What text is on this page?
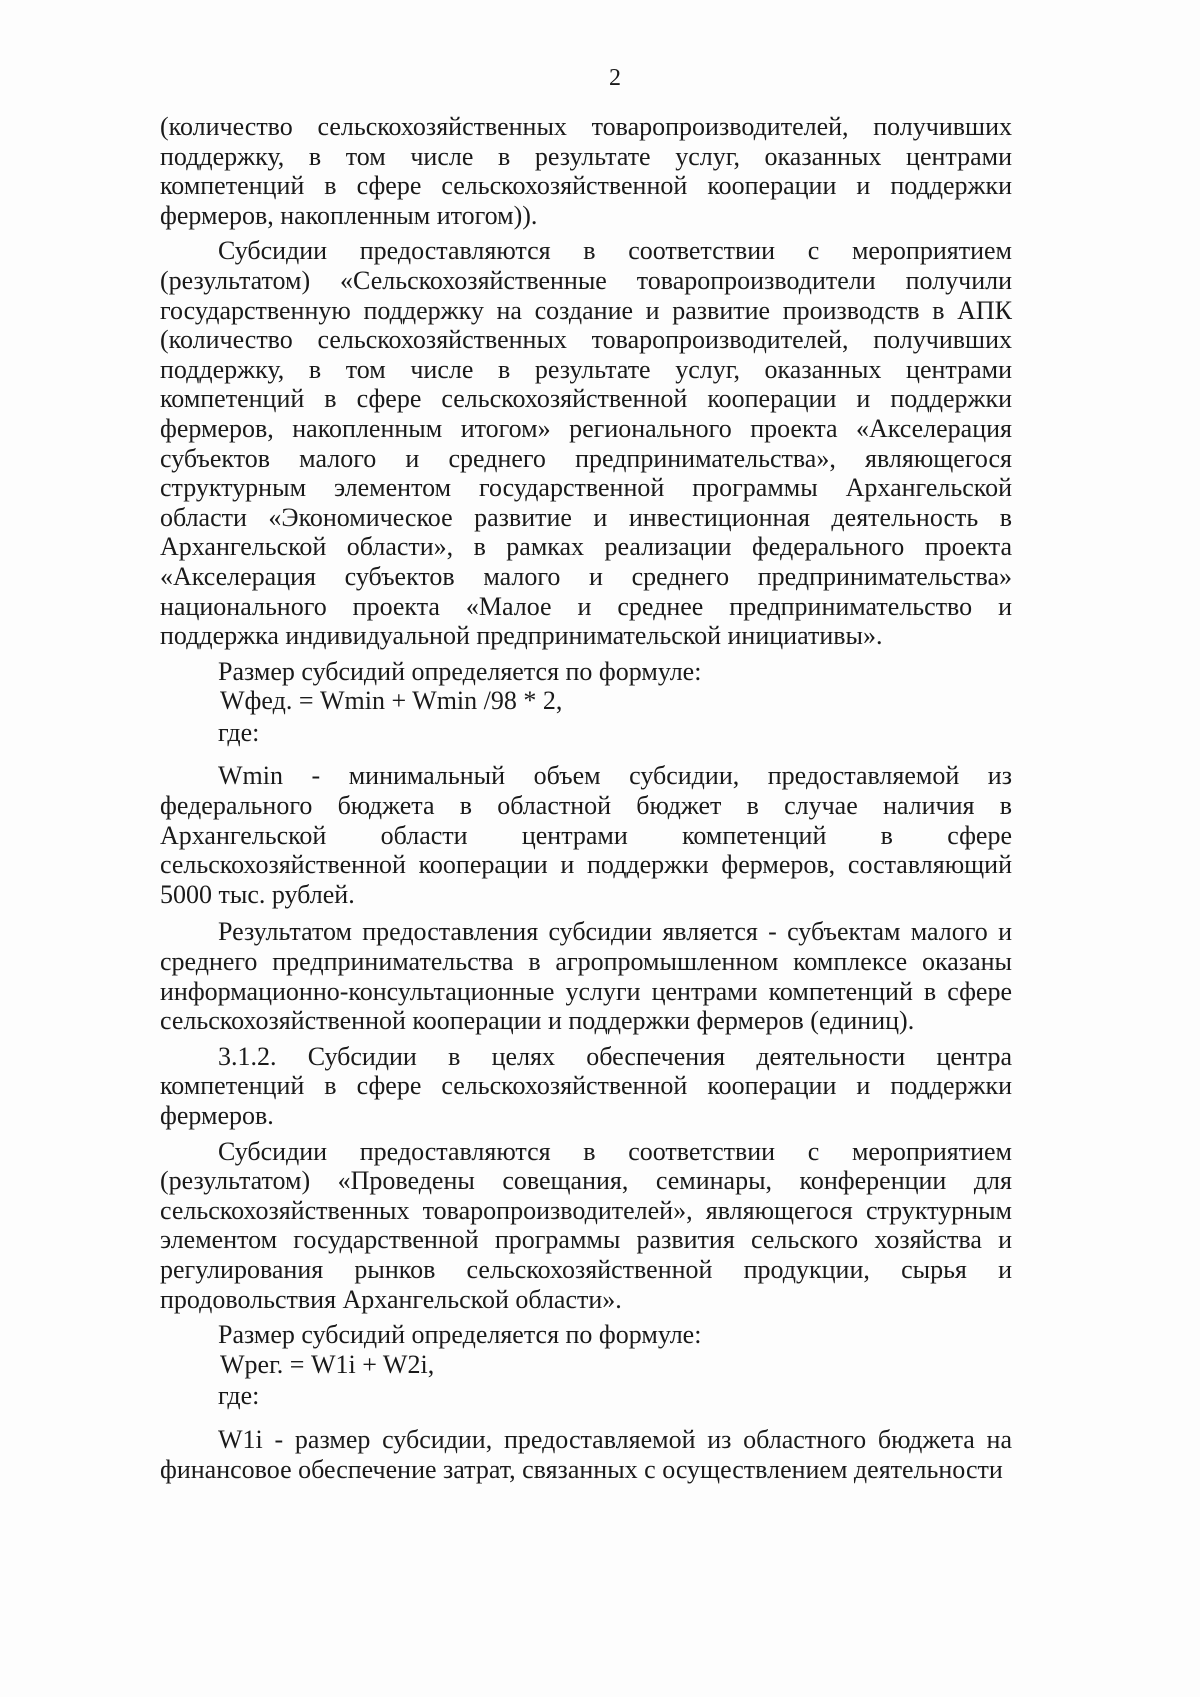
2

(количество сельскохозяйственных товаропроизводителей, получивших поддержку, в том числе в результате услуг, оказанных центрами компетенций в сфере сельскохозяйственной кооперации и поддержки фермеров, накопленным итогом)).

Субсидии предоставляются в соответствии с мероприятием (результатом) «Сельскохозяйственные товаропроизводители получили государственную поддержку на создание и развитие производств в АПК (количество сельскохозяйственных товаропроизводителей, получивших поддержку, в том числе в результате услуг, оказанных центрами компетенций в сфере сельскохозяйственной кооперации и поддержки фермеров, накопленным итогом» регионального проекта «Акселерация субъектов малого и среднего предпринимательства», являющегося структурным элементом государственной программы Архангельской области «Экономическое развитие и инвестиционная деятельность в Архангельской области», в рамках реализации федерального проекта «Акселерация субъектов малого и среднего предпринимательства» национального проекта «Малое и среднее предпринимательство и поддержка индивидуальной предпринимательской инициативы».

Размер субсидий определяется по формуле:

Wфед. = Wmin + Wmin /98 * 2,

где:

Wmin - минимальный объем субсидии, предоставляемой из федерального бюджета в областной бюджет в случае наличия в Архангельской области центрами компетенций в сфере сельскохозяйственной кооперации и поддержки фермеров, составляющий 5000 тыс. рублей.

Результатом предоставления субсидии является - субъектам малого и среднего предпринимательства в агропромышленном комплексе оказаны информационно-консультационные услуги центрами компетенций в сфере сельскохозяйственной кооперации и поддержки фермеров (единиц).

3.1.2. Субсидии в целях обеспечения деятельности центра компетенций в сфере сельскохозяйственной кооперации и поддержки фермеров.

Субсидии предоставляются в соответствии с мероприятием (результатом) «Проведены совещания, семинары, конференции для сельскохозяйственных товаропроизводителей», являющегося структурным элементом государственной программы развития сельского хозяйства и регулирования рынков сельскохозяйственной продукции, сырья и продовольствия Архангельской области».

Размер субсидий определяется по формуле:

Wрег. = W1i + W2i,

где:

W1i - размер субсидии, предоставляемой из областного бюджета на финансовое обеспечение затрат, связанных с осуществлением деятельности
